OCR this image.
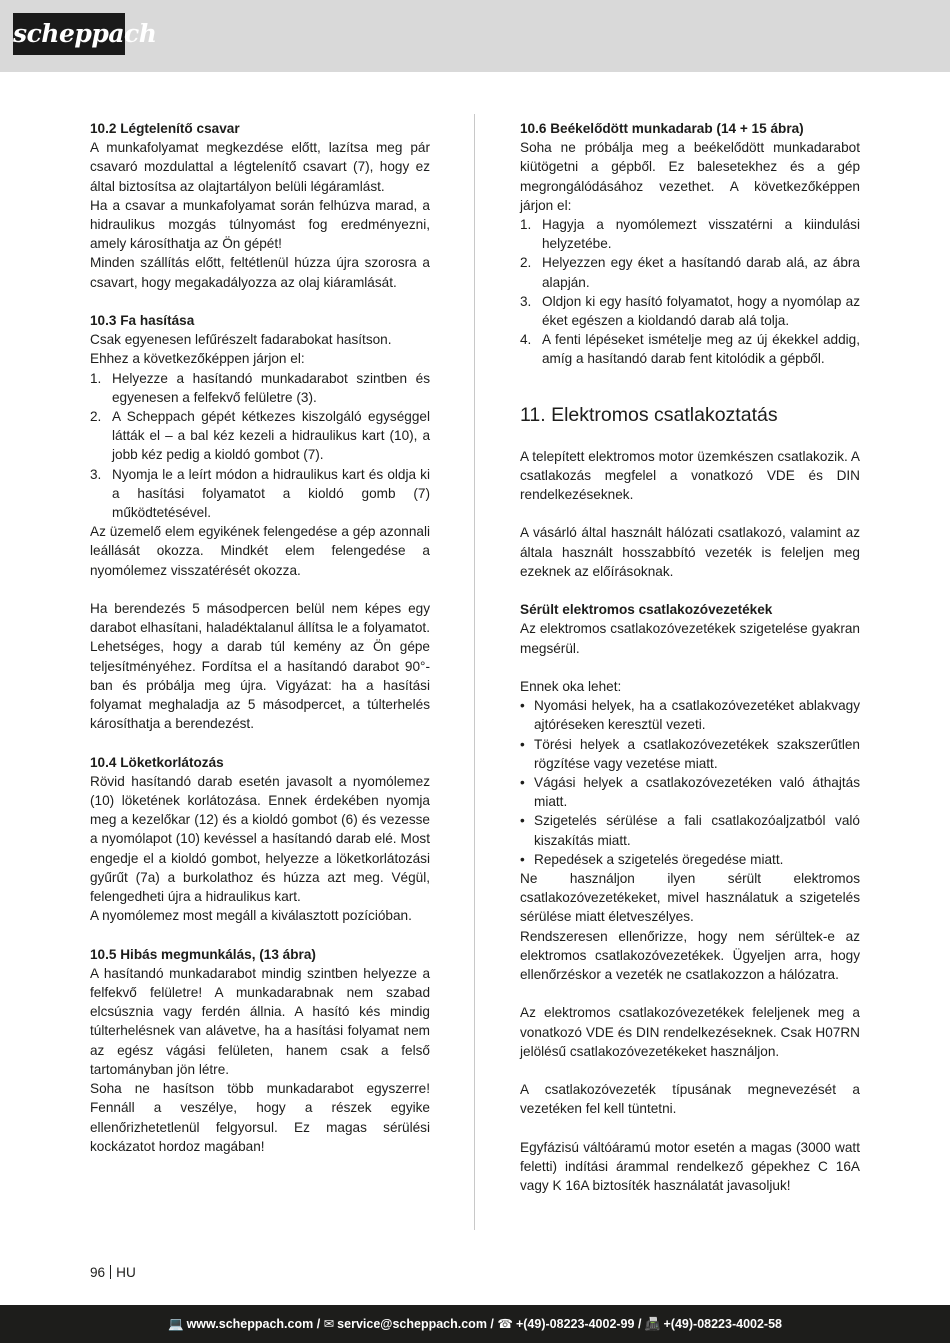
scheppach

10.2 Légtelenítő csavar

A munkafolyamat megkezdése előtt, lazítsa meg pár csavaró mozdulattal a légtelenítő csavart (7), hogy ez által biztosítsa az olajtartályon belüli légáramlást.

Ha a csavar a munkafolyamat során felhúzva marad, a hidraulikus mozgás túlnyomást fog eredményezni, amely károsíthatja az Ön gépét!

Minden szállítás előtt, feltétlenül húzza újra szorosra a csavart, hogy megakadályozza az olaj kiáramlását.

10.3 Fa hasítása

Csak egyenesen lefűrészelt fadarabokat hasítson.

Ehhez a következőképpen járjon el:

1. Helyezze a hasítandó munkadarabot szintben és egyenesen a felfekvő felületre (3).
2. A Scheppach gépét kétkezes kiszolgáló egységgel látták el – a bal kéz kezeli a hidraulikus kart (10), a jobb kéz pedig a kioldó gombot (7).
3. Nyomja le a leírt módon a hidraulikus kart és oldja ki a hasítási folyamatot a kioldó gomb (7) működtetésével.

Az üzemelő elem egyikének felengedése a gép azonnali leállását okozza. Mindkét elem felengedése a nyomólemez visszatérését okozza.

Ha berendezés 5 másodpercen belül nem képes egy darabot elhasítani, haladéktalanul állítsa le a folyamatot. Lehetséges, hogy a darab túl kemény az Ön gépe teljesítményéhez. Fordítsa el a hasítandó darabot 90°-ban és próbálja meg újra. Vigyázat: ha a hasítási folyamat meghaladja az 5 másodpercet, a túlterhelés károsíthatja a berendezést.

10.4 Löketkorlátozás

Rövid hasítandó darab esetén javasolt a nyomólemez (10) löketének korlátozása. Ennek érdekében nyomja meg a kezelőkar (12) és a kioldó gombot (6) és vezesse a nyomólapot (10) kevéssel a hasítandó darab elé. Most engedje el a kioldó gombot, helyezze a löketkorlátozási gyűrűt (7a) a burkolathoz és húzza azt meg. Végül, felengedheti újra a hidraulikus kart.

A nyomólemez most megáll a kiválasztott pozícióban.

10.5 Hibás megmunkálás, (13 ábra)

A hasítandó munkadarabot mindig szintben helyezze a felfekvő felületre! A munkadarabnak nem szabad elcsúsznia vagy ferdén állnia. A hasító kés mindig túlterhelésnek van alávetve, ha a hasítási folyamat nem az egész vágási felületen, hanem csak a felső tartományban jön létre.

Soha ne hasítson több munkadarabot egyszerre! Fennáll a veszélye, hogy a részek egyike ellenőrizhetetlenül felgyorsul. Ez magas sérülési kockázatot hordoz magában!

10.6 Beékelődött munkadarab (14 + 15 ábra)

Soha ne próbálja meg a beékelődött munkadarabot kiütögetni a gépből. Ez balesetekhez és a gép megrongálódásához vezethet. A következőképpen járjon el:

1. Hagyja a nyomólemezt visszatérni a kiindulási helyzetébe.
2. Helyezzen egy éket a hasítandó darab alá, az ábra alapján.
3. Oldjon ki egy hasító folyamatot, hogy a nyomólap az éket egészen a kioldandó darab alá tolja.
4. A fenti lépéseket ismételje meg az új ékekkel addig, amíg a hasítandó darab fent kitolódik a gépből.

11. Elektromos csatlakoztatás

A telepített elektromos motor üzemkészen csatlakozik. A csatlakozás megfelel a vonatkozó VDE és DIN rendelkezéseknek.

A vásárló által használt hálózati csatlakozó, valamint az általa használt hosszabbító vezeték is feleljen meg ezeknek az előírásoknak.

Sérült elektromos csatlakozóvezetékek

Az elektromos csatlakozóvezetékek szigetelése gyakran megsérül.

Ennek oka lehet:

• Nyomási helyek, ha a csatlakozóvezetéket ablakvagy ajtóréseken keresztül vezeti.
• Törési helyek a csatlakozóvezetékek szakszerűtlen rögzítése vagy vezetése miatt.
• Vágási helyek a csatlakozóvezetéken való áthajtás miatt.
• Szigetelés sérülése a fali csatlakozóaljzatból való kiszakítás miatt.
• Repedések a szigetelés öregedése miatt.

Ne használjon ilyen sérült elektromos csatlakozóvezetékeket, mivel használatuk a szigetelés sérülése miatt életveszélyes.

Rendszeresen ellenőrizze, hogy nem sérültek-e az elektromos csatlakozóvezetékek. Ügyeljen arra, hogy ellenőrzéskor a vezeték ne csatlakozzon a hálózatra.

Az elektromos csatlakozóvezetékek feleljenek meg a vonatkozó VDE és DIN rendelkezéseknek. Csak H07RN jelölésű csatlakozóvezetékeket használjon.

A csatlakozóvezeték típusának megnevezését a vezetéken fel kell tüntetni.

Egyfázisú váltóáramú motor esetén a magas (3000 watt feletti) indítási árammal rendelkező gépekhez C 16A vagy K 16A biztosíték használatát javasoljuk!

96 HU
💻 www.scheppach.com / ✉ service@scheppach.com / ☎ +(49)-08223-4002-99 / 📠 +(49)-08223-4002-58
